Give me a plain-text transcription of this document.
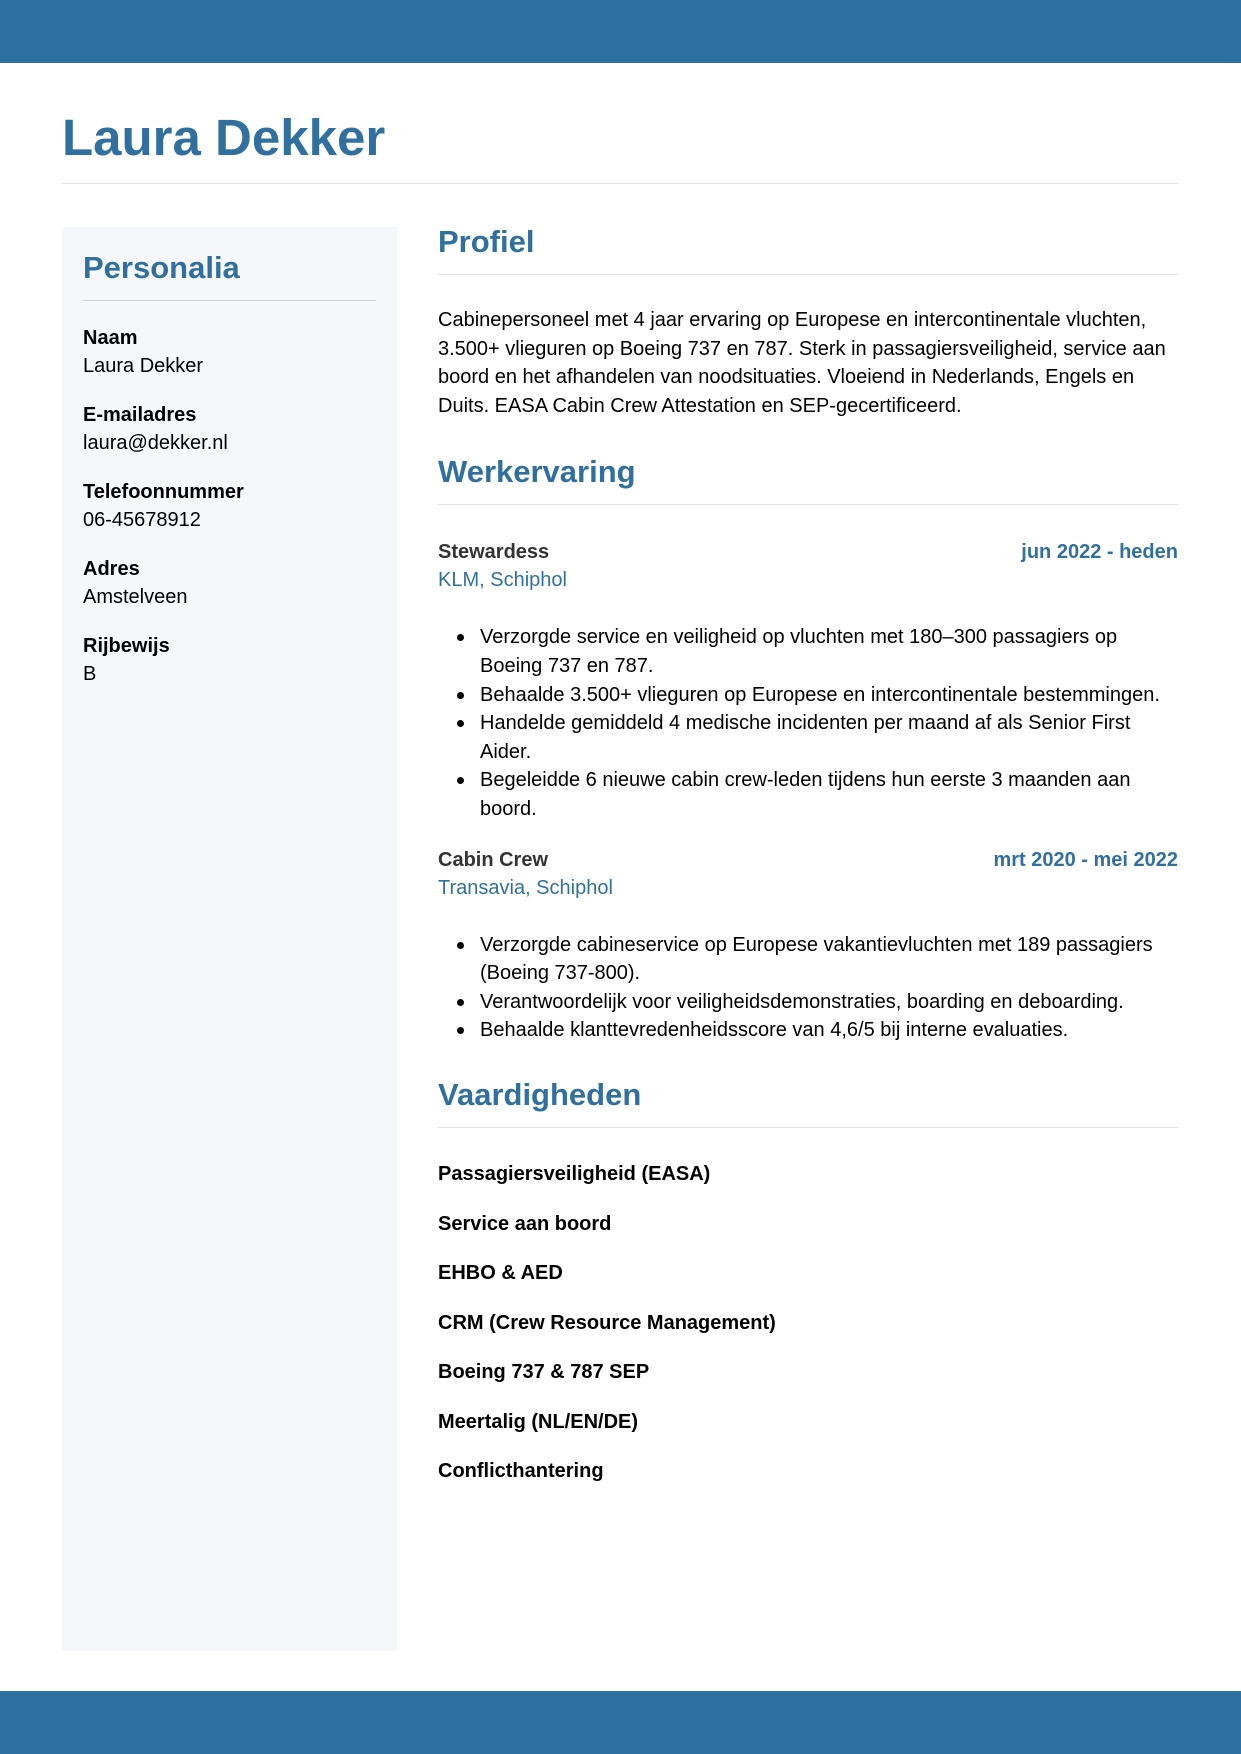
Laura Dekker
Personalia
Naam
Laura Dekker
E-mailadres
laura@dekker.nl
Telefoonnummer
06-45678912
Adres
Amstelveen
Rijbewijs
B
Profiel

Cabinepersoneel met 4 jaar ervaring op Europese en intercontinentale vluchten, 3.500+ vlieguren op Boeing 737 en 787. Sterk in passagiersveiligheid, service aan boord en het afhandelen van noodsituaties. Vloeiend in Nederlands, Engels en Duits. EASA Cabin Crew Attestation en SEP-gecertificeerd.

Werkervaring
Stewardess	jun 2022 - heden
KLM, Schiphol
Verzorgde service en veiligheid op vluchten met 180–300 passagiers op Boeing 737 en 787.
Behaalde 3.500+ vlieguren op Europese en intercontinentale bestemmingen.
Handelde gemiddeld 4 medische incidenten per maand af als Senior First Aider.
Begeleidde 6 nieuwe cabin crew-leden tijdens hun eerste 3 maanden aan boord.
Cabin Crew	mrt 2020 - mei 2022
Transavia, Schiphol
Verzorgde cabineservice op Europese vakantievluchten met 189 passagiers (Boeing 737-800).
Verantwoordelijk voor veiligheidsdemonstraties, boarding en deboarding.
Behaalde klanttevredenheidsscore van 4,6/5 bij interne evaluaties.
Vaardigheden
Passagiersveiligheid (EASA)
Service aan boord
EHBO & AED
CRM (Crew Resource Management)
Boeing 737 & 787 SEP
Meertalig (NL/EN/DE)
Conflicthantering
